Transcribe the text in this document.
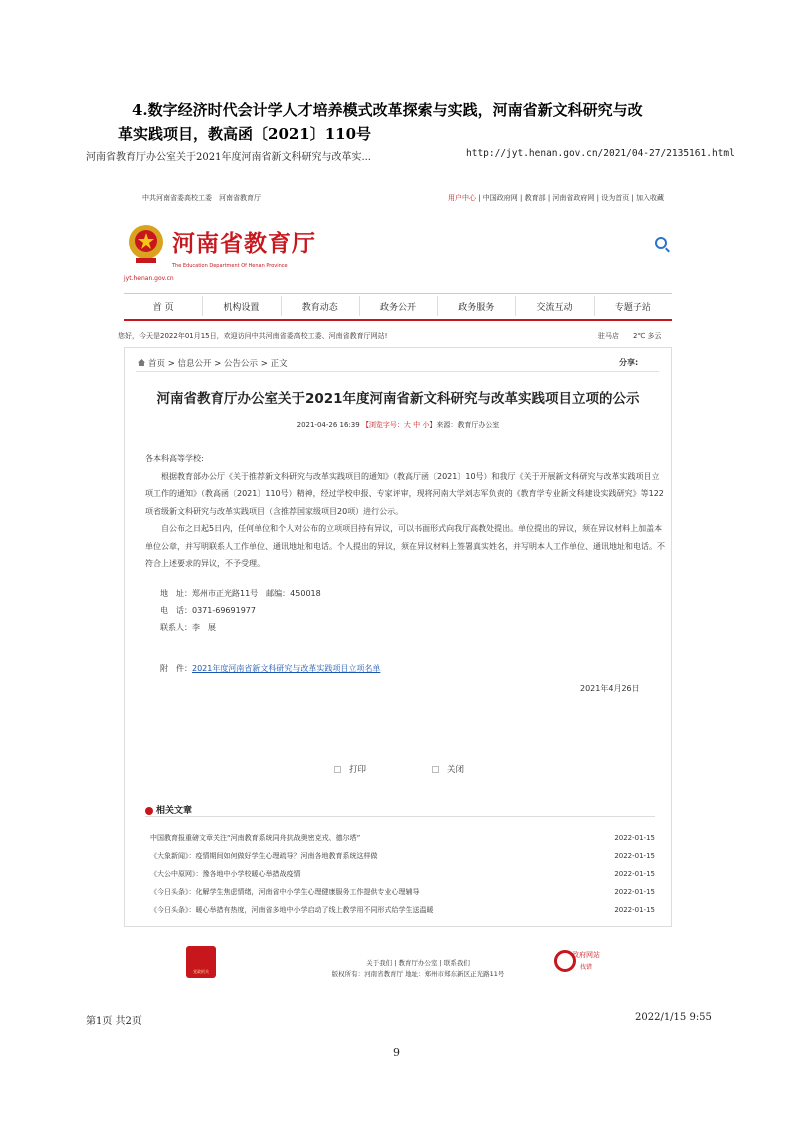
4.数字经济时代会计学人才培养模式改革探索与实践，河南省新文科研究与改

革实践项目，教高函〔2021〕110号
河南省教育厅办公室关于2021年度河南省新文科研究与改革实...	http://jyt.henan.gov.cn/2021/04-27/2135161.html
中共河南省委高校工委　河南省教育厅	用户中心 | 中国政府网 | 教育部 | 河南省政府网 | 设为首页 | 加入收藏
河南省教育厅
The Education Department Of Henan Province
jyt.henan.gov.cn
首 页	机构设置	教育动态	政务公开	政务服务	交流互动	专题子站
您好，今天是2022年01月15日，欢迎访问中共河南省委高校工委、河南省教育厅网站!	驻马店　　2℃ 多云
首页 > 信息公开 > 公告公示 > 正文	分享:
河南省教育厅办公室关于2021年度河南省新文科研究与改革实践项目立项的公示
2021-04-26 16:39 【浏览字号：大 中 小】来源：教育厅办公室

各本科高等学校:

根据教育部办公厅《关于推荐新文科研究与改革实践项目的通知》（教高厅函〔2021〕10号）和我厅《关于开展新文科研究与改革实践项目立项工作的通知》（教高函〔2021〕110号）精神，经过学校申报、专家评审，现将河南大学刘志军负责的《教育学专业新文科建设实践研究》等122项省级新文科研究与改革实践项目（含推荐国家级项目20项）进行公示。

自公布之日起5日内，任何单位和个人对公布的立项项目持有异议，可以书面形式向我厅高教处提出。单位提出的异议，须在异议材料上加盖本单位公章，并写明联系人工作单位、通讯地址和电话。个人提出的异议，须在异议材料上签署真实姓名，并写明本人工作单位、通讯地址和电话。不符合上述要求的异议，不予受理。

地　址：郑州市正光路11号　邮编：450018
电　话：0371-69691977
联系人：李　展
附　件：2021年度河南省新文科研究与改革实践项目立项名单
2021年4月26日
打印	关闭
相关文章
中国教育报重磅文章关注“河南教育系统同舟抗战奥密克戎、德尔塔”	2022-01-15
《大象新闻》：疫情期间如何做好学生心理疏导？河南各地教育系统这样做	2022-01-15
《大公中原网》：豫各地中小学校暖心举措战疫情	2022-01-15
《今日头条》：化解学生焦虑情绪，河南省中小学生心理健康服务工作提供专业心理辅导	2022-01-15
《今日头条》：暖心举措有热度，河南省多地中小学启动了线上教学用不同形式给学生送温暖	2022-01-15
党政机关
关于我们 | 教育厅办公室 | 联系我们
版权所有：河南省教育厅 地址：郑州市郑东新区正光路11号
政府网站
找错
第1页 共2页	2022/1/15 9:55
9
